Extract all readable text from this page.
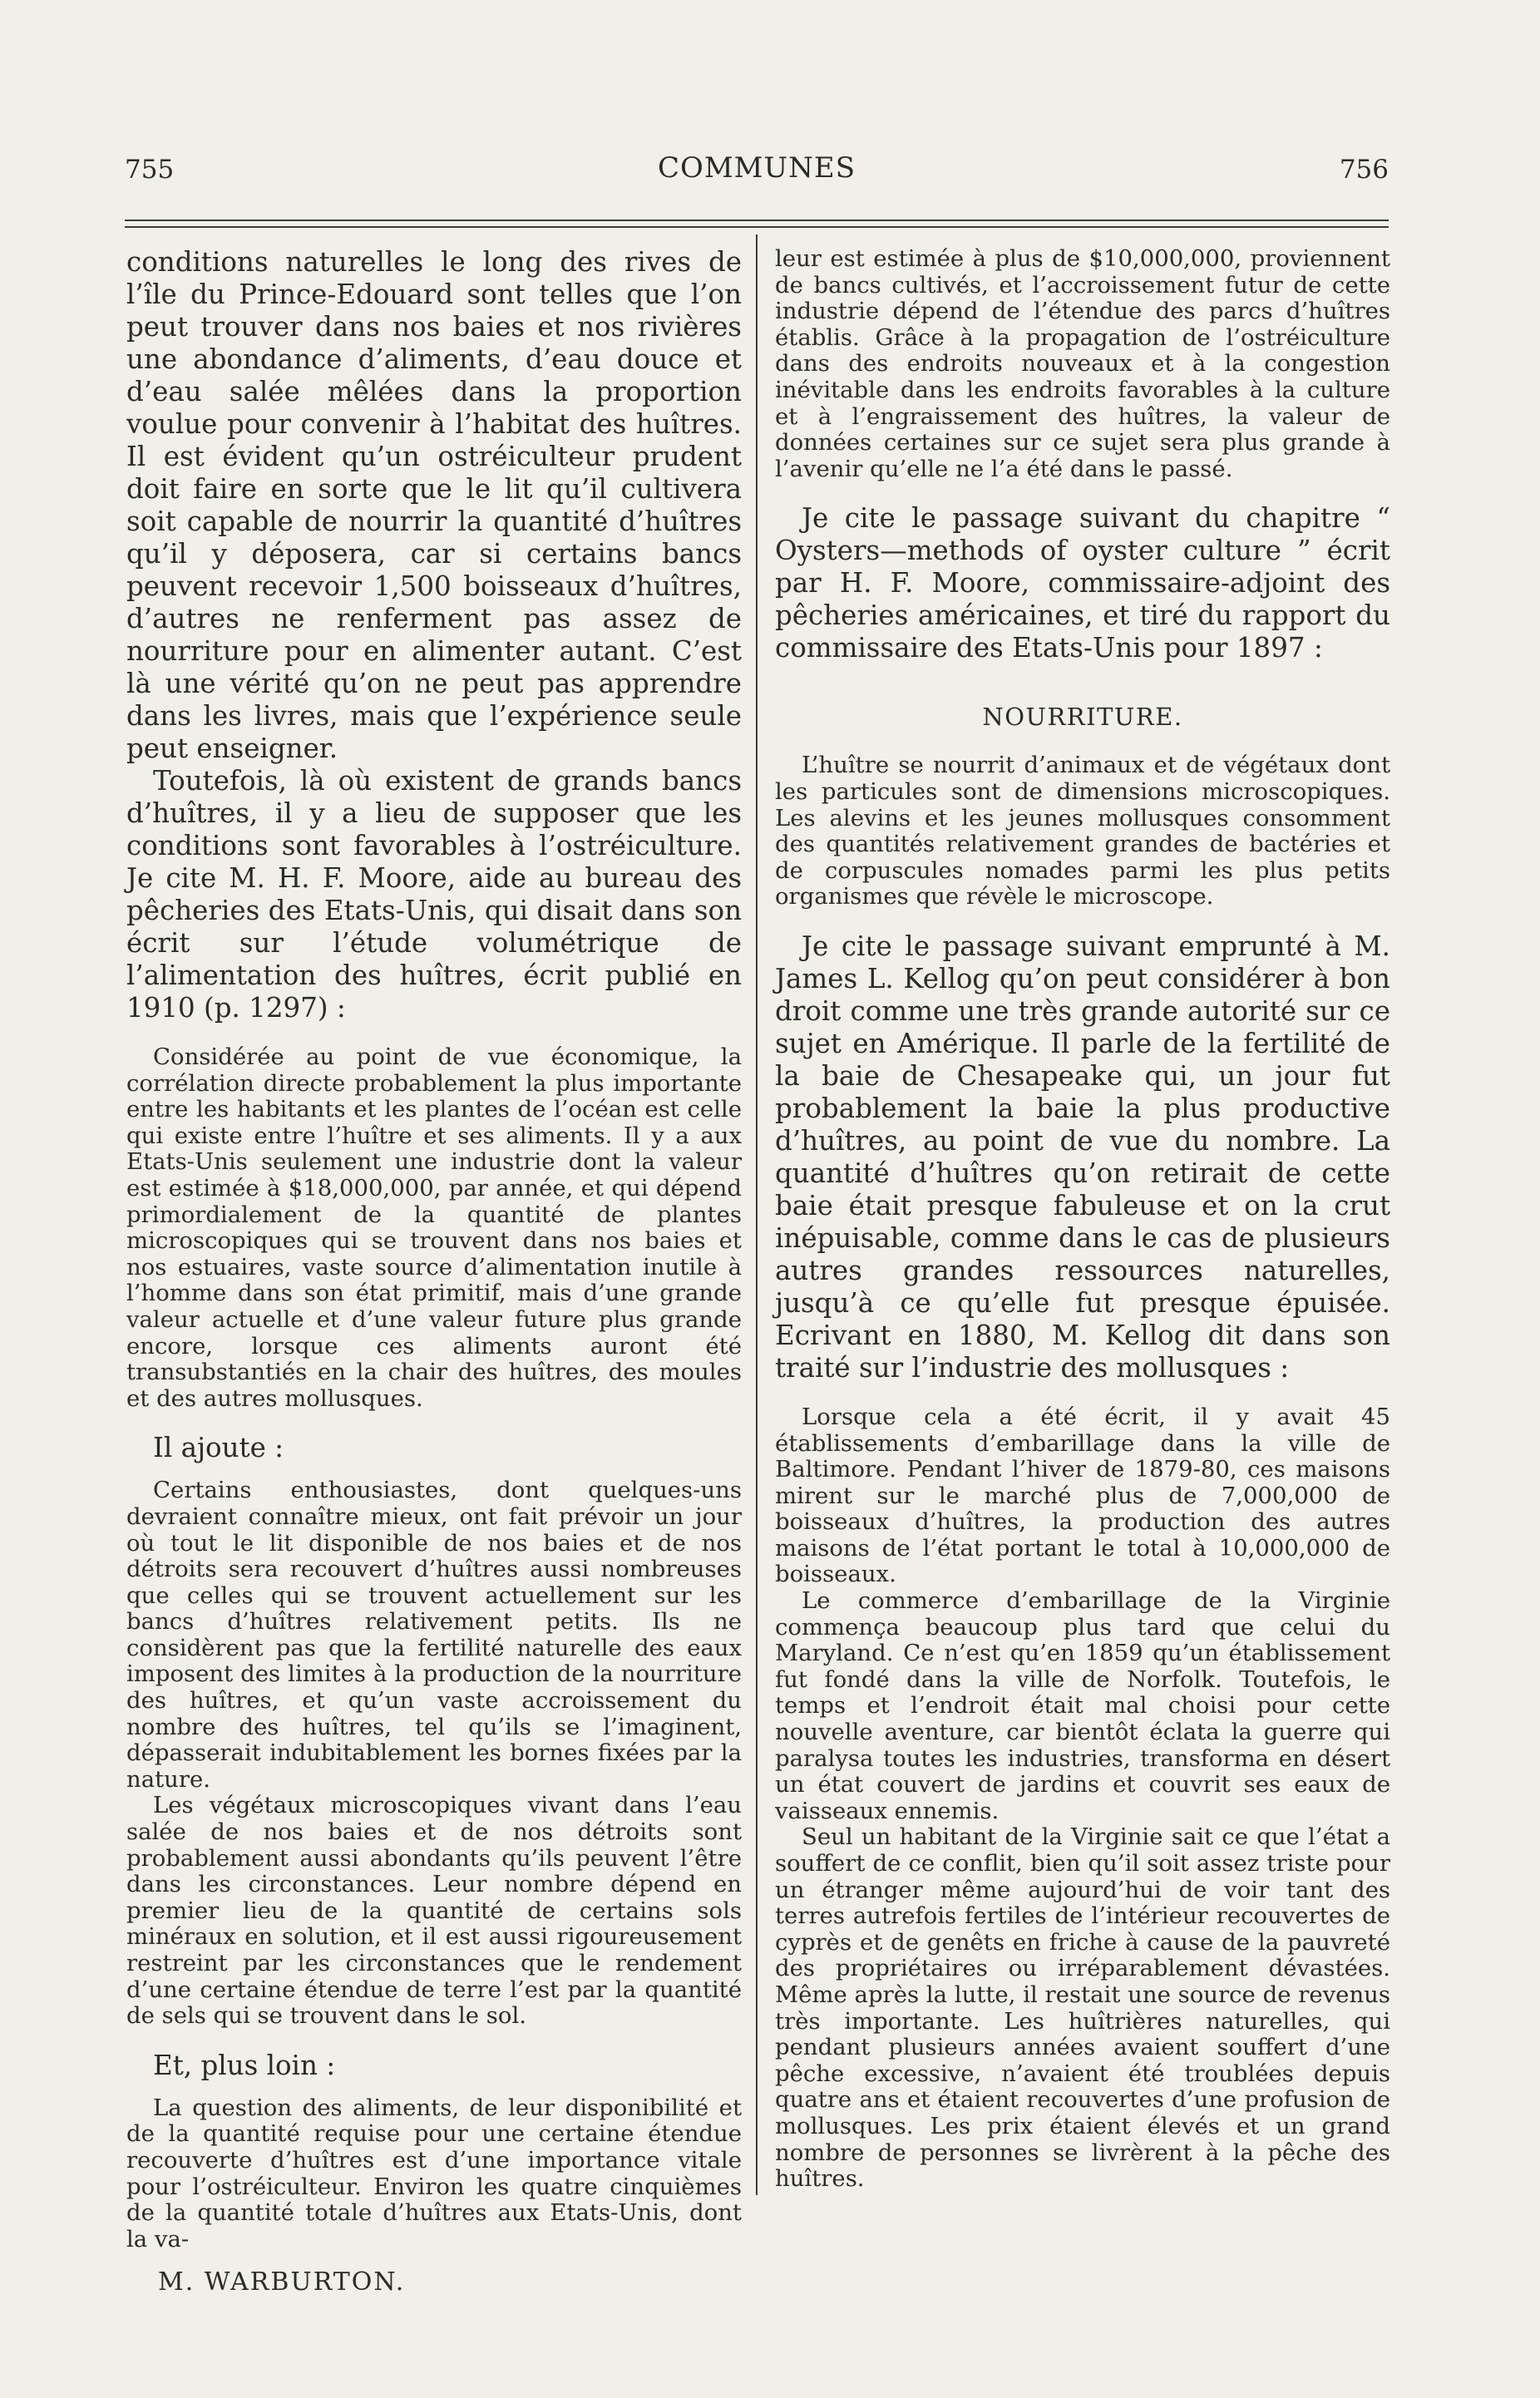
755	COMMUNES	756

conditions naturelles le long des rives de l’île du Prince-Edouard sont telles que l’on peut trouver dans nos baies et nos rivières une abondance d’aliments, d’eau douce et d’eau salée mêlées dans la proportion voulue pour convenir à l’habitat des huîtres. Il est évident qu’un ostréiculteur prudent doit faire en sorte que le lit qu’il cultivera soit capable de nourrir la quantité d’huîtres qu’il y déposera, car si certains bancs peuvent recevoir 1,500 boisseaux d’huîtres, d’autres ne renferment pas assez de nourriture pour en alimenter autant. C’est là une vérité qu’on ne peut pas apprendre dans les livres, mais que l’expérience seule peut enseigner.

Toutefois, là où existent de grands bancs d’huîtres, il y a lieu de supposer que les conditions sont favorables à l’ostréiculture. Je cite M. H. F. Moore, aide au bureau des pêcheries des Etats-Unis, qui disait dans son écrit sur l’étude volumétrique de l’alimentation des huîtres, écrit publié en 1910 (p. 1297) :

Considérée au point de vue économique, la corrélation directe probablement la plus importante entre les habitants et les plantes de l’océan est celle qui existe entre l’huître et ses aliments. Il y a aux Etats-Unis seulement une industrie dont la valeur est estimée à $18,000,000, par année, et qui dépend primordialement de la quantité de plantes microscopiques qui se trouvent dans nos baies et nos estuaires, vaste source d’alimentation inutile à l’homme dans son état primitif, mais d’une grande valeur actuelle et d’une valeur future plus grande encore, lorsque ces aliments auront été transubstantiés en la chair des huîtres, des moules et des autres mollusques.

Il ajoute :

Certains enthousiastes, dont quelques-uns devraient connaître mieux, ont fait prévoir un jour où tout le lit disponible de nos baies et de nos détroits sera recouvert d’huîtres aussi nombreuses que celles qui se trouvent actuellement sur les bancs d’huîtres relativement petits. Ils ne considèrent pas que la fertilité naturelle des eaux imposent des limites à la production de la nourriture des huîtres, et qu’un vaste accroissement du nombre des huîtres, tel qu’ils se l’imaginent, dépasserait indubitablement les bornes fixées par la nature.

Les végétaux microscopiques vivant dans l’eau salée de nos baies et de nos détroits sont probablement aussi abondants qu’ils peuvent l’être dans les circonstances. Leur nombre dépend en premier lieu de la quantité de certains sols minéraux en solution, et il est aussi rigoureusement restreint par les circonstances que le rendement d’une certaine étendue de terre l’est par la quantité de sels qui se trouvent dans le sol.

Et, plus loin :

La question des aliments, de leur disponibilité et de la quantité requise pour une certaine étendue recouverte d’huîtres est d’une importance vitale pour l’ostréiculteur. Environ les quatre cinquièmes de la quantité totale d’huîtres aux Etats-Unis, dont la va-

M. WARBURTON.

leur est estimée à plus de $10,000,000, proviennent de bancs cultivés, et l’accroissement futur de cette industrie dépend de l’étendue des parcs d’huîtres établis. Grâce à la propagation de l’ostréiculture dans des endroits nouveaux et à la congestion inévitable dans les endroits favorables à la culture et à l’engraissement des huîtres, la valeur de données certaines sur ce sujet sera plus grande à l’avenir qu’elle ne l’a été dans le passé.

Je cite le passage suivant du chapitre “ Oysters—methods of oyster culture ” écrit par H. F. Moore, commissaire-adjoint des pêcheries américaines, et tiré du rapport du commissaire des Etats-Unis pour 1897 :

NOURRITURE.

L’huître se nourrit d’animaux et de végétaux dont les particules sont de dimensions microscopiques. Les alevins et les jeunes mollusques consomment des quantités relativement grandes de bactéries et de corpuscules nomades parmi les plus petits organismes que révèle le microscope.

Je cite le passage suivant emprunté à M. James L. Kellog qu’on peut considérer à bon droit comme une très grande autorité sur ce sujet en Amérique. Il parle de la fertilité de la baie de Chesapeake qui, un jour fut probablement la baie la plus productive d’huîtres, au point de vue du nombre. La quantité d’huîtres qu’on retirait de cette baie était presque fabuleuse et on la crut inépuisable, comme dans le cas de plusieurs autres grandes ressources naturelles, jusqu’à ce qu’elle fut presque épuisée. Ecrivant en 1880, M. Kellog dit dans son traité sur l’industrie des mollusques :

Lorsque cela a été écrit, il y avait 45 établissements d’embarillage dans la ville de Baltimore. Pendant l’hiver de 1879-80, ces maisons mirent sur le marché plus de 7,000,000 de boisseaux d’huîtres, la production des autres maisons de l’état portant le total à 10,000,000 de boisseaux.

Le commerce d’embarillage de la Virginie commença beaucoup plus tard que celui du Maryland. Ce n’est qu’en 1859 qu’un établissement fut fondé dans la ville de Norfolk. Toutefois, le temps et l’endroit était mal choisi pour cette nouvelle aventure, car bientôt éclata la guerre qui paralysa toutes les industries, transforma en désert un état couvert de jardins et couvrit ses eaux de vaisseaux ennemis.

Seul un habitant de la Virginie sait ce que l’état a souffert de ce conflit, bien qu’il soit assez triste pour un étranger même aujourd’hui de voir tant des terres autrefois fertiles de l’intérieur recouvertes de cyprès et de genêts en friche à cause de la pauvreté des propriétaires ou irréparablement dévastées. Même après la lutte, il restait une source de revenus très importante. Les huîtrières naturelles, qui pendant plusieurs années avaient souffert d’une pêche excessive, n’avaient été troublées depuis quatre ans et étaient recouvertes d’une profusion de mollusques. Les prix étaient élevés et un grand nombre de personnes se livrèrent à la pêche des huîtres.
